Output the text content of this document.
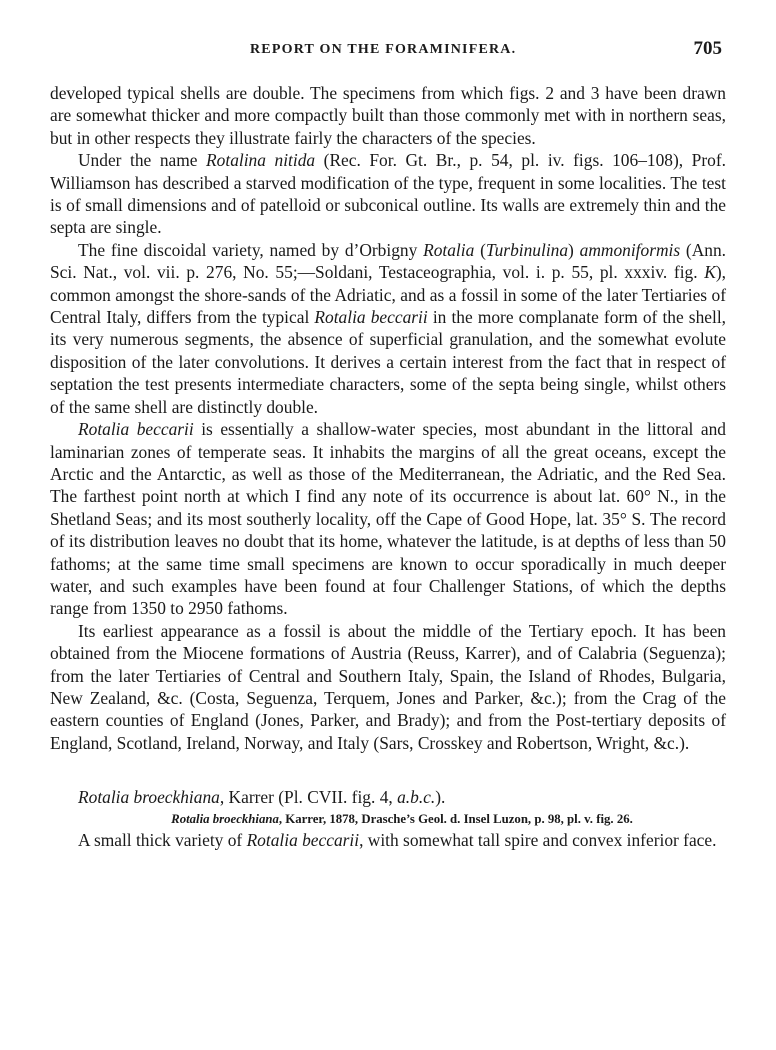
REPORT ON THE FORAMINIFERA.	705

developed typical shells are double. The specimens from which figs. 2 and 3 have been drawn are somewhat thicker and more compactly built than those commonly met with in northern seas, but in other respects they illustrate fairly the characters of the species.

Under the name Rotalina nitida (Rec. For. Gt. Br., p. 54, pl. iv. figs. 106–108), Prof. Williamson has described a starved modification of the type, frequent in some localities. The test is of small dimensions and of patelloid or subconical outline. Its walls are extremely thin and the septa are single.

The fine discoidal variety, named by d’Orbigny Rotalia (Turbinulina) ammoniformis (Ann. Sci. Nat., vol. vii. p. 276, No. 55;—Soldani, Testaceographia, vol. i. p. 55, pl. xxxiv. fig. K), common amongst the shore-sands of the Adriatic, and as a fossil in some of the later Tertiaries of Central Italy, differs from the typical Rotalia beccarii in the more complanate form of the shell, its very numerous segments, the absence of superficial granulation, and the somewhat evolute disposition of the later convolutions. It derives a certain interest from the fact that in respect of septation the test presents intermediate characters, some of the septa being single, whilst others of the same shell are distinctly double.

Rotalia beccarii is essentially a shallow-water species, most abundant in the littoral and laminarian zones of temperate seas. It inhabits the margins of all the great oceans, except the Arctic and the Antarctic, as well as those of the Mediterranean, the Adriatic, and the Red Sea. The farthest point north at which I find any note of its occurrence is about lat. 60° N., in the Shetland Seas; and its most southerly locality, off the Cape of Good Hope, lat. 35° S. The record of its distribution leaves no doubt that its home, whatever the latitude, is at depths of less than 50 fathoms; at the same time small specimens are known to occur sporadically in much deeper water, and such examples have been found at four Challenger Stations, of which the depths range from 1350 to 2950 fathoms.

Its earliest appearance as a fossil is about the middle of the Tertiary epoch. It has been obtained from the Miocene formations of Austria (Reuss, Karrer), and of Calabria (Seguenza); from the later Tertiaries of Central and Southern Italy, Spain, the Island of Rhodes, Bulgaria, New Zealand, &c. (Costa, Seguenza, Terquem, Jones and Parker, &c.); from the Crag of the eastern counties of England (Jones, Parker, and Brady); and from the Post-tertiary deposits of England, Scotland, Ireland, Norway, and Italy (Sars, Crosskey and Robertson, Wright, &c.).

Rotalia broeckhiana, Karrer (Pl. CVII. fig. 4, a.b.c.).

Rotalia broeckhiana, Karrer, 1878, Drasche’s Geol. d. Insel Luzon, p. 98, pl. v. fig. 26.

A small thick variety of Rotalia beccarii, with somewhat tall spire and convex inferior face.
